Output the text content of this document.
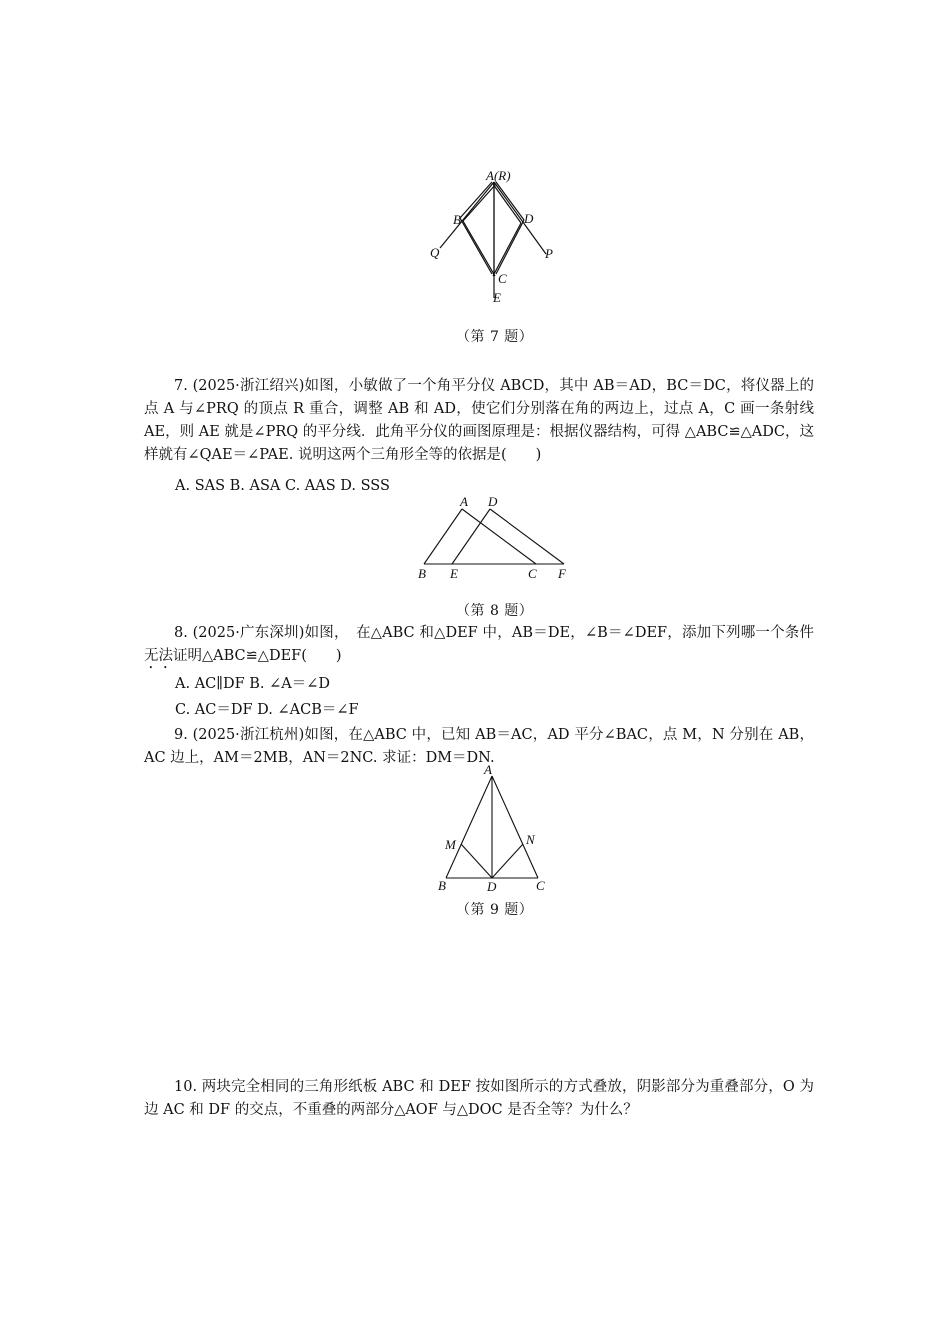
A(R)
B	D
C
E
Q	P
（第 7 题）
7. (2025·浙江绍兴)如图，小敏做了一个角平分仪 ABCD，其中 AB＝AD，BC＝DC，将仪器上的点 A 与∠PRQ 的顶点 R 重合，调整 AB 和 AD，使它们分别落在角的两边上，过点 A，C 画一条射线 AE，则 AE 就是∠PRQ 的平分线．此角平分仪的画图原理是：根据仪器结构，可得 △ABC≌△ADC，这样就有∠QAE＝∠PAE. 说明这两个三角形全等的依据是(　　)
A. SAS B. ASA C. AAS D. SSS
A D
B E	C F
（第 8 题）
8. (2025·广东深圳)如图，　在△ABC 和△DEF 中，AB＝DE，∠B＝∠DEF，添加下列哪一个条件无法证明△ABC≌△DEF(　　)
A. AC∥DF B. ∠A＝∠D
C. AC＝DF D. ∠ACB＝∠F
9. (2025·浙江杭州)如图，在△ABC 中，已知 AB＝AC，AD 平分∠BAC，点 M，N 分别在 AB，AC 边上，AM＝2MB，AN＝2NC. 求证：DM＝DN.
A
M	N
B	D	C
（第 9 题）
10. 两块完全相同的三角形纸板 ABC 和 DEF 按如图所示的方式叠放，阴影部分为重叠部分，O 为边 AC 和 DF 的交点，不重叠的两部分△AOF 与△DOC 是否全等？为什么？
